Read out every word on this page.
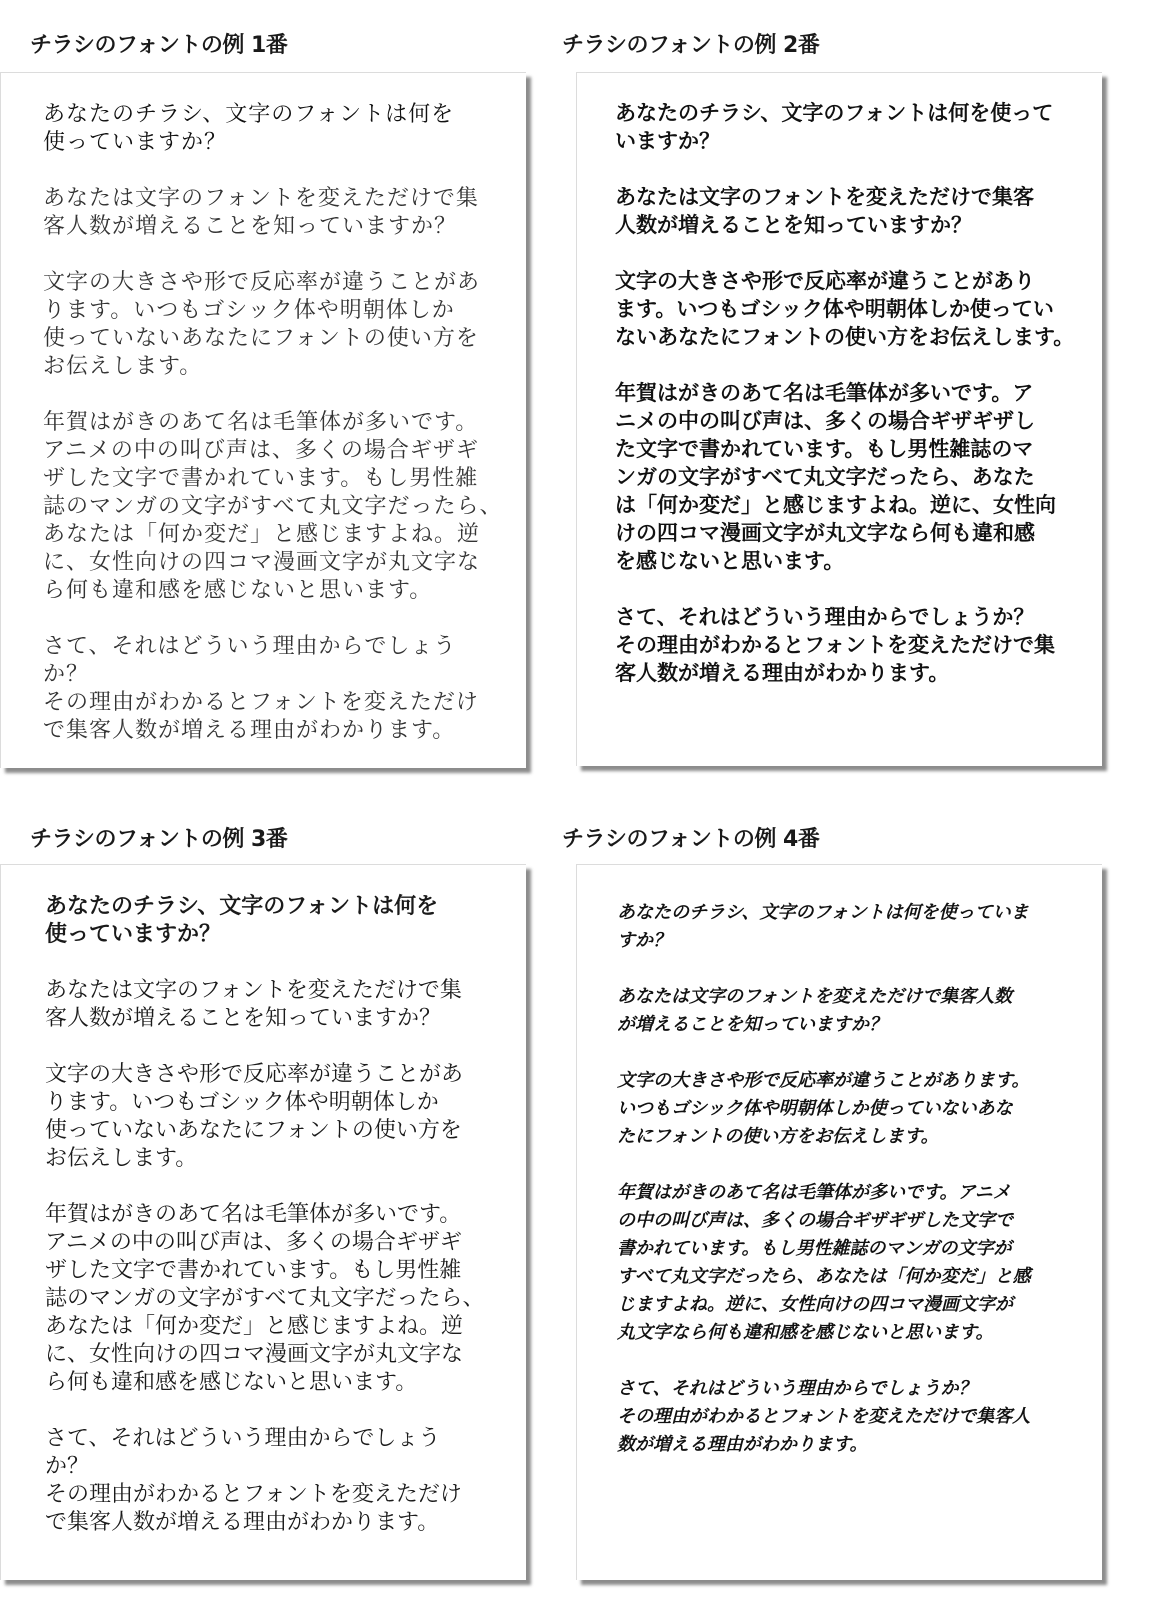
チラシのフォントの例 1番

あなたのチラシ、文字のフォントは何を
使っていますか？

あなたは文字のフォントを変えただけで集
客人数が増えることを知っていますか？

文字の大きさや形で反応率が違うことがあ
ります。いつもゴシック体や明朝体しか
使っていないあなたにフォントの使い方を
お伝えします。

年賀はがきのあて名は毛筆体が多いです。
アニメの中の叫び声は、多くの場合ギザギ
ザした文字で書かれています。もし男性雑
誌のマンガの文字がすべて丸文字だったら、
あなたは「何か変だ」と感じますよね。逆
に、女性向けの四コマ漫画文字が丸文字な
ら何も違和感を感じないと思います。

さて、それはどういう理由からでしょう
か？
その理由がわかるとフォントを変えただけ
で集客人数が増える理由がわかります。

チラシのフォントの例 2番

あなたのチラシ、文字のフォントは何を使って
いますか？

あなたは文字のフォントを変えただけで集客
人数が増えることを知っていますか？

文字の大きさや形で反応率が違うことがあり
ます。いつもゴシック体や明朝体しか使ってい
ないあなたにフォントの使い方をお伝えします。

年賀はがきのあて名は毛筆体が多いです。ア
ニメの中の叫び声は、多くの場合ギザギザし
た文字で書かれています。もし男性雑誌のマ
ンガの文字がすべて丸文字だったら、あなた
は「何か変だ」と感じますよね。逆に、女性向
けの四コマ漫画文字が丸文字なら何も違和感
を感じないと思います。

さて、それはどういう理由からでしょうか？
その理由がわかるとフォントを変えただけで集
客人数が増える理由がわかります。

チラシのフォントの例 3番

あなたのチラシ、文字のフォントは何を
使っていますか？

あなたは文字のフォントを変えただけで集
客人数が増えることを知っていますか？

文字の大きさや形で反応率が違うことがあ
ります。いつもゴシック体や明朝体しか
使っていないあなたにフォントの使い方を
お伝えします。

年賀はがきのあて名は毛筆体が多いです。
アニメの中の叫び声は、多くの場合ギザギ
ザした文字で書かれています。もし男性雑
誌のマンガの文字がすべて丸文字だったら、
あなたは「何か変だ」と感じますよね。逆
に、女性向けの四コマ漫画文字が丸文字な
ら何も違和感を感じないと思います。

さて、それはどういう理由からでしょう
か？
その理由がわかるとフォントを変えただけ
で集客人数が増える理由がわかります。

チラシのフォントの例 4番

あなたのチラシ、文字のフォントは何を使っていま
すか？

あなたは文字のフォントを変えただけで集客人数
が増えることを知っていますか？

文字の大きさや形で反応率が違うことがあります。
いつもゴシック体や明朝体しか使っていないあな
たにフォントの使い方をお伝えします。

年賀はがきのあて名は毛筆体が多いです。アニメ
の中の叫び声は、多くの場合ギザギザした文字で
書かれています。もし男性雑誌のマンガの文字が
すべて丸文字だったら、あなたは「何か変だ」と感
じますよね。逆に、女性向けの四コマ漫画文字が
丸文字なら何も違和感を感じないと思います。

さて、それはどういう理由からでしょうか？
その理由がわかるとフォントを変えただけで集客人
数が増える理由がわかります。
